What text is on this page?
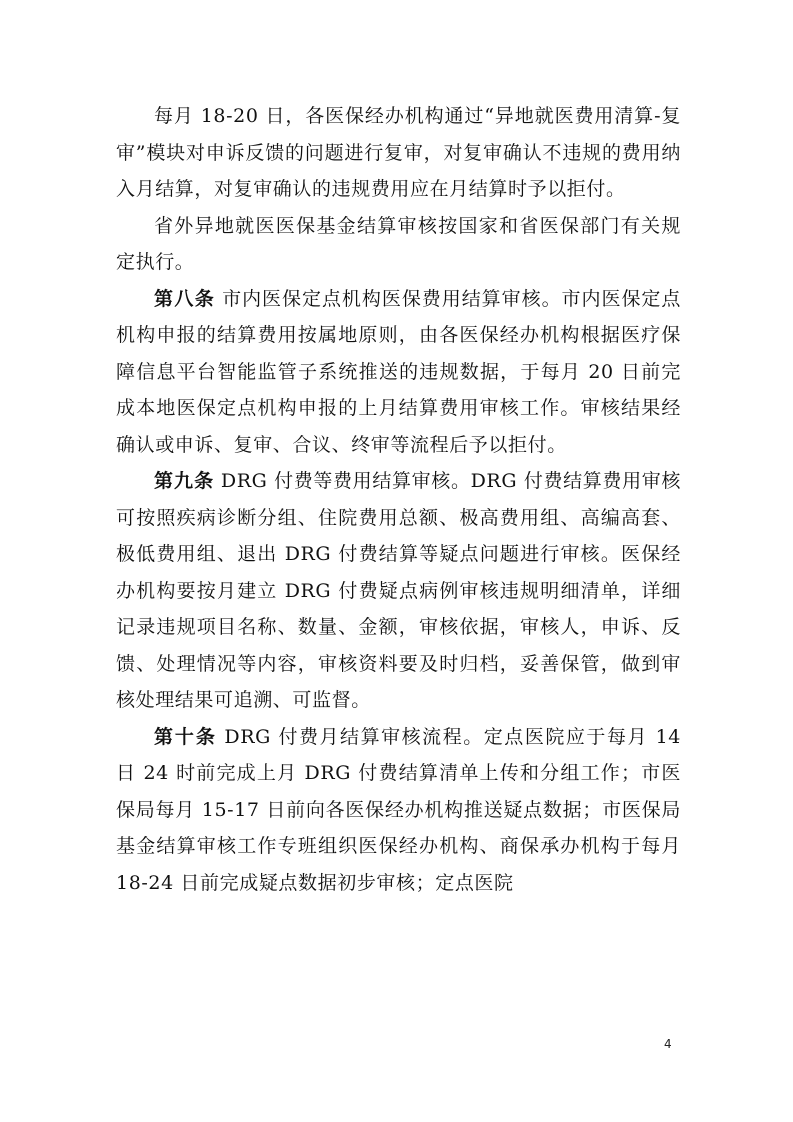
每月 18-20 日，各医保经办机构通过“异地就医费用清算-复审”模块对申诉反馈的问题进行复审，对复审确认不违规的费用纳入月结算，对复审确认的违规费用应在月结算时予以拒付。

省外异地就医医保基金结算审核按国家和省医保部门有关规定执行。

第八条 市内医保定点机构医保费用结算审核。市内医保定点机构申报的结算费用按属地原则，由各医保经办机构根据医疗保障信息平台智能监管子系统推送的违规数据，于每月 20 日前完成本地医保定点机构申报的上月结算费用审核工作。审核结果经确认或申诉、复审、合议、终审等流程后予以拒付。

第九条 DRG 付费等费用结算审核。DRG 付费结算费用审核可按照疾病诊断分组、住院费用总额、极高费用组、高编高套、极低费用组、退出 DRG 付费结算等疑点问题进行审核。医保经办机构要按月建立 DRG 付费疑点病例审核违规明细清单，详细记录违规项目名称、数量、金额，审核依据，审核人，申诉、反馈、处理情况等内容，审核资料要及时归档，妥善保管，做到审核处理结果可追溯、可监督。

第十条 DRG 付费月结算审核流程。定点医院应于每月 14 日 24 时前完成上月 DRG 付费结算清单上传和分组工作；市医保局每月 15-17 日前向各医保经办机构推送疑点数据；市医保局基金结算审核工作专班组织医保经办机构、商保承办机构于每月 18-24 日前完成疑点数据初步审核；定点医院

4
